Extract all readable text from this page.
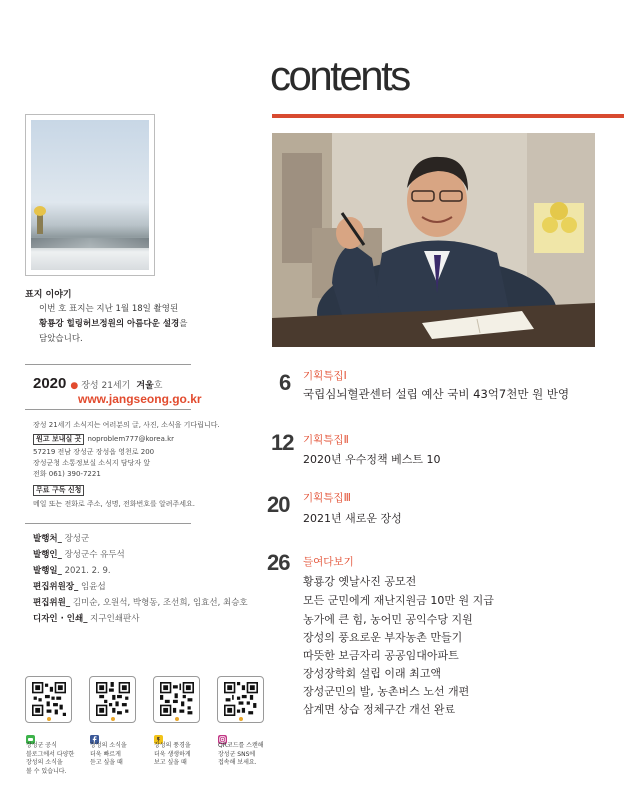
contents
표지 이야기
이번 호 표지는 지난 1월 18일 촬영된
황룡강 힐링허브정원의 아름다운 설경을
담았습니다.
2020 ● 장성 21세기 겨울호
www.jangseong.go.kr
장성 21세기 소식지는 여러분의 글, 사진, 소식을 기다립니다.
원고 보내실 곳 noproblem777@korea.kr
57219 전남 장성군 장성읍 영천로 200
장성군청 소통정보실 소식지 담당자 앞
전화 061) 390-7221
무료 구독 신청
메일 또는 전화로 주소, 성명, 전화번호를 알려주세요.
발행처_ 장성군
발행인_ 장성군수 유두석
발행일_ 2021. 2. 9.
편집위원장_ 임윤섭
편집위원_ 김미순, 오원석, 박형동, 조선희, 임효선, 최승호
디자인 · 인쇄_ 지구인쇄판사
장성군 공식
블로그에서 다양한
장성의 소식을
볼 수 있습니다.
장성의 소식을
더욱 빠르게
듣고 싶을 때
장성의 풍경을
더욱 생생하게
보고 싶을 때
QR코드를 스캔해
장성군 SNS에
접속해 보세요.
6 기획특집Ⅰ
국립심뇌혈관센터 설립 예산 국비 43억7천만 원 반영
12 기획특집Ⅱ
2020년 우수정책 베스트 10
20 기획특집Ⅲ
2021년 새로운 장성
26 들여다보기
황룡강 옛날사진 공모전
모든 군민에게 재난지원금 10만 원 지급
농가에 큰 힘, 농어민 공익수당 지원
장성의 풍요로운 부자농촌 만들기
따뜻한 보금자리 공공임대아파트
장성장학회 설립 이래 최고액
장성군민의 발, 농촌버스 노선 개편
삼계면 상습 정체구간 개선 완료
